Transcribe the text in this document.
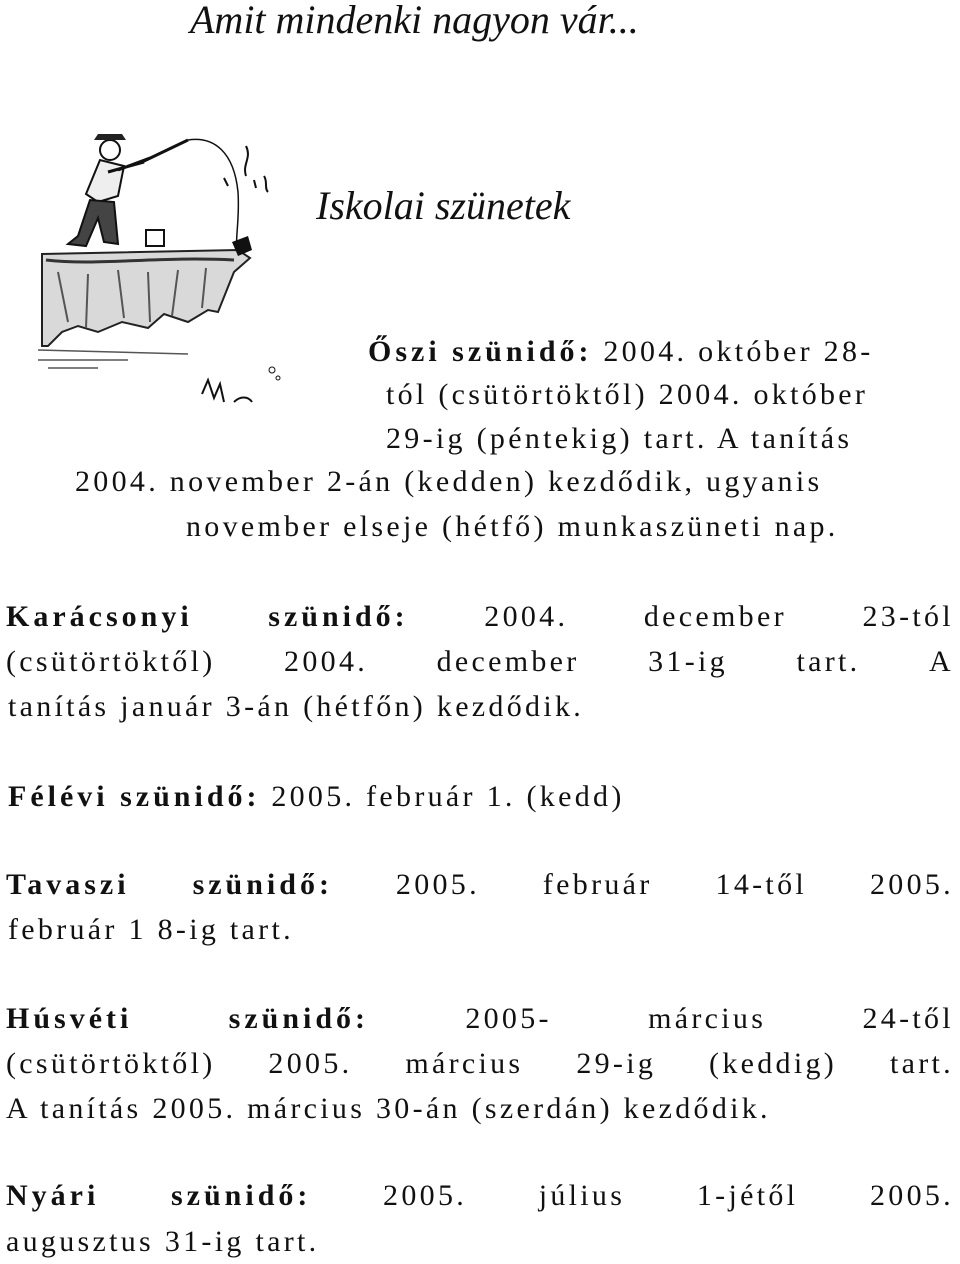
Amit mindenki nagyon vár...
Iskolai szünetek
Őszi szünidő: 2004. október 28-
tól (csütörtöktől) 2004. október
29-ig (péntekig) tart. A tanítás
2004. november 2-án (kedden) kezdődik, ugyanis
november elseje (hétfő) munkaszüneti nap.
Karácsonyi	szünidő:	2004.	december	23-tól
(csütörtöktől) 2004. december 31-ig tart. A
tanítás január 3-án (hétfőn) kezdődik.
Félévi szünidő: 2005. február 1. (kedd)
Tavaszi szünidő: 2005. február 14-től 2005.
február 1 8-ig tart.
Húsvéti	szünidő:	2005-	március	24-től
(csütörtöktől) 2005. március 29-ig (keddig) tart.
A tanítás 2005. március 30-án (szerdán) kezdődik.
Nyári szünidő: 2005. július 1-jétől 2005.
augusztus 31-ig tart.
